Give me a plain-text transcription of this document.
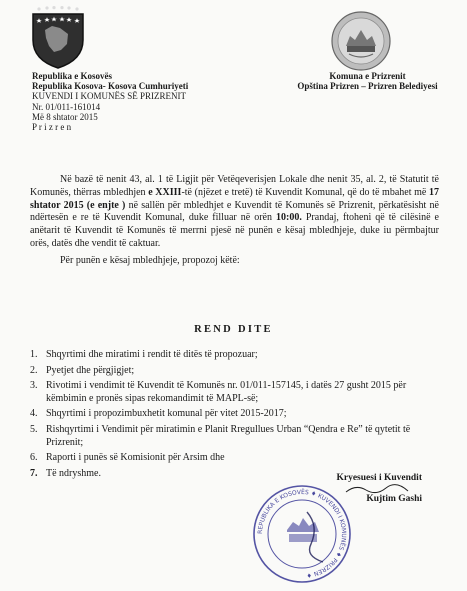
Republika e Kosovës
Republika Kosova- Kosova Cumhuriyeti
KUVENDI I KOMUNËS SË PRIZRENIT
Nr. 01/011-161014
Më 8 shtator 2015
P r i z r e n
Komuna e Prizrenit
Opština Prizren – Prizren Belediyesi

Në bazë të nenit 43, al. 1 të Ligjit për Vetëqeverisjen Lokale dhe nenit 35, al. 2, të Statutit të Komunës, thërras mbledhjen e XXIII-të (njëzet e tretë) të Kuvendit Komunal, që do të mbahet më 17 shtator 2015 (e enjte ) në sallën për mbledhjet e Kuvendit të Komunës së Prizrenit, përkatësisht në ndërtesën e re të Kuvendit Komunal, duke filluar në orën 10:00. Prandaj, ftoheni që të cilësinë e anëtarit të Kuvendit të Komunës të merrni pjesë në punën e kësaj mbledhjeje, duke iu përmbajtur orës, datës dhe vendit të caktuar.

Për punën e kësaj mbledhjeje, propozoj këtë:

REND DITE
1. Shqyrtimi dhe miratimi i rendit të ditës të propozuar;
2. Pyetjet dhe përgjigjet;
3. Rivotimi i vendimit të Kuvendit të Komunës nr. 01/011-157145, i datës 27 gusht 2015 për këmbimin e pronës sipas rekomandimit të MAPL-së;
4. Shqyrtimi i propozimbuxhetit komunal për vitet 2015-2017;
5. Rishqyrtimi i Vendimit për miratimin e Planit Rregullues Urban “Qendra e Re” të qytetit të Prizrenit;
6. Raporti i punës së Komisionit për Arsim dhe
7. Të ndryshme.
REPUBLIKA E KOSOVËS ♦ KUVENDI I KOMUNËS ♦ PRIZREN ♦
Kryesuesi i Kuvendit
Kujtim Gashi
